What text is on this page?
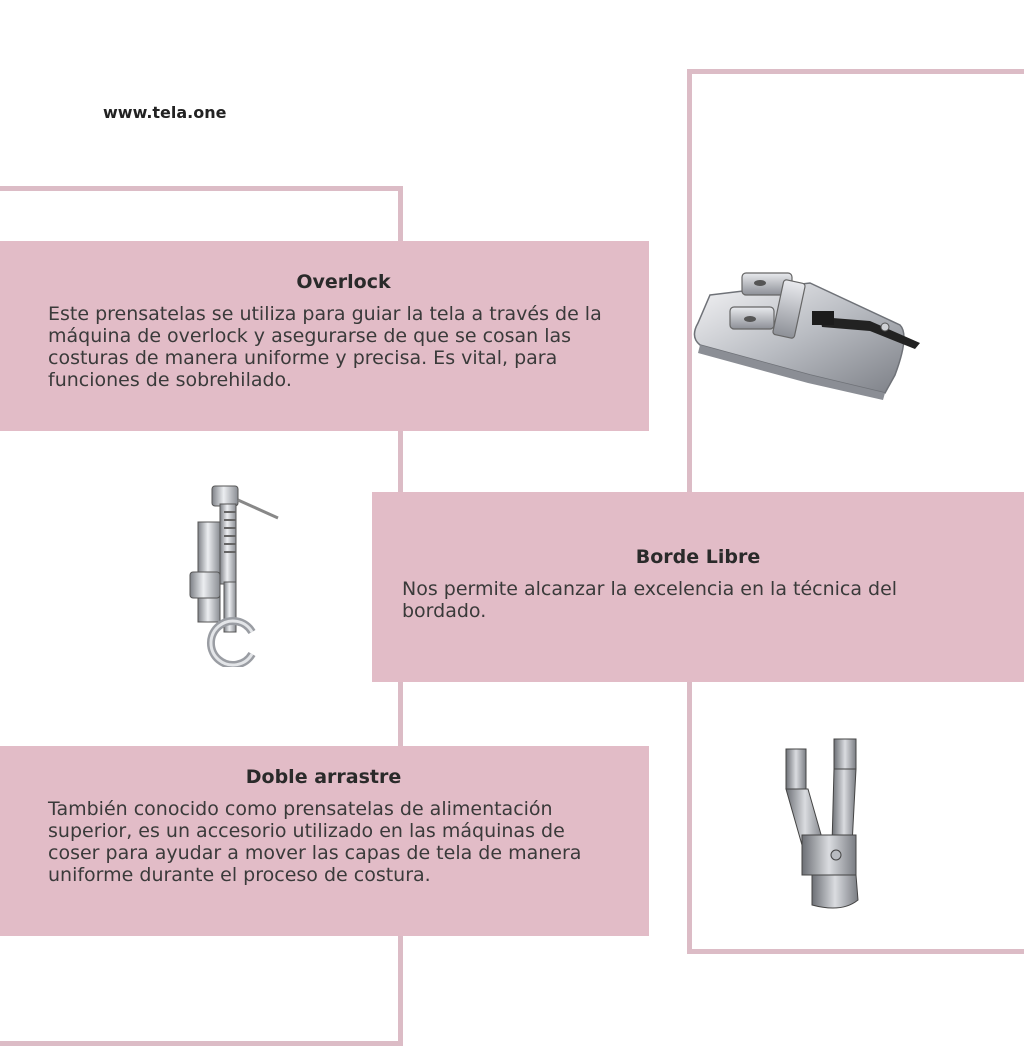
www.tela.one

Overlock

Este prensatelas se utiliza para guiar la tela a través de la máquina de overlock y asegurarse de que se cosan las costuras de manera uniforme y precisa. Es vital, para funciones de sobrehilado.

Borde Libre

Nos permite alcanzar la excelencia en la técnica del bordado.

Doble arrastre

También conocido como prensatelas de alimentación superior, es un accesorio utilizado en las máquinas de coser para ayudar a mover las capas de tela de manera uniforme durante el proceso de costura.
